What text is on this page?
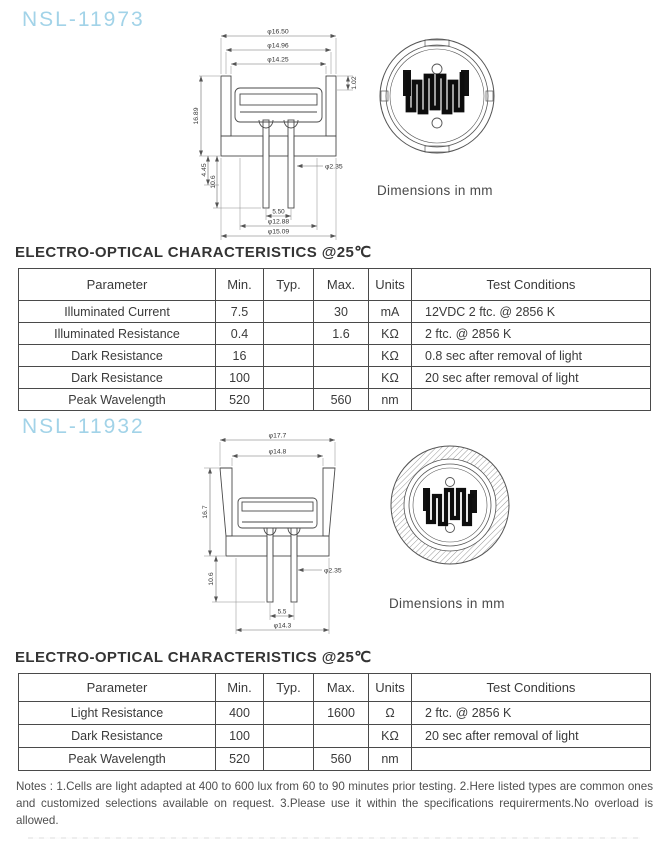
NSL-11973
φ16.50
φ14.96
φ14.25
1.02
16.89
4.45
10.6
φ2.35
5.50
φ12.88
φ15.09
Dimensions in mm
ELECTRO-OPTICAL CHARACTERISTICS @25℃
Parameter	Min.	Typ.	Max.	Units	Test Conditions
Illuminated Current	7.5		30	mA	12VDC 2 ftc. @ 2856 K
Illuminated Resistance	0.4		1.6	KΩ	2 ftc. @ 2856 K
Dark Resistance	16			KΩ	0.8 sec after removal of light
Dark Resistance	100			KΩ	20 sec after removal of light
Peak Wavelength	520		560	nm	
NSL-11932	φ17.7
φ14.8
16.7
10.6
φ2.35
5.5
φ14.3
Dimensions in mm
ELECTRO-OPTICAL CHARACTERISTICS @25℃
Parameter	Min.	Typ.	Max.	Units	Test Conditions
Light Resistance	400		1600	Ω	2 ftc. @ 2856 K
Dark Resistance	100			KΩ	20 sec after removal of light
Peak Wavelength	520		560	nm	
Notes : 1.Cells are light adapted at 400 to 600 lux from 60 to 90 minutes prior testing. 2.Here listed types are common ones and customized selections available on request. 3.Please use it within the specifications requirerments.No overload is allowed.
